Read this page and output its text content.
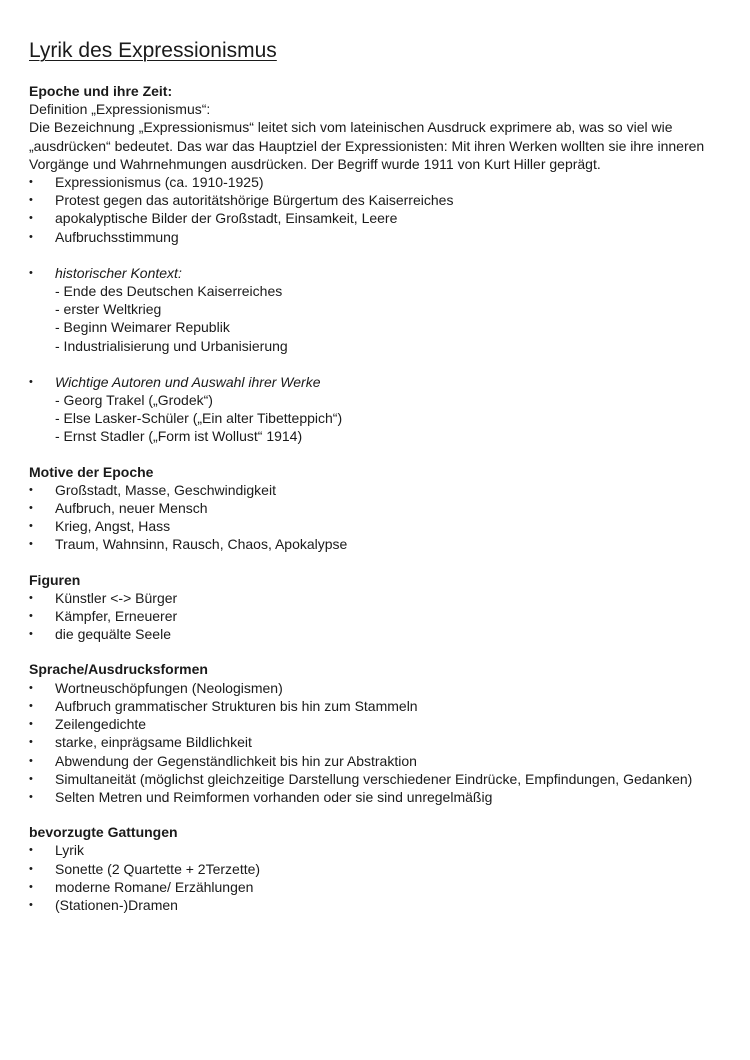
Lyrik des Expressionismus
Epoche und ihre Zeit:
Definition „Expressionismus“:
Die Bezeichnung „Expressionismus“ leitet sich vom lateinischen Ausdruck exprimere ab, was so viel wie „ausdrücken“ bedeutet. Das war das Hauptziel der Expressionisten: Mit ihren Werken wollten sie ihre inneren Vorgänge und Wahrnehmungen ausdrücken. Der Begriff wurde 1911 von Kurt Hiller geprägt.
• Expressionismus (ca. 1910-1925)
• Protest gegen das autoritätshörige Bürgertum des Kaiserreiches
• apokalyptische Bilder der Großstadt, Einsamkeit, Leere
• Aufbruchsstimmung
• historischer Kontext:
- Ende des Deutschen Kaiserreiches
- erster Weltkrieg
- Beginn Weimarer Republik
- Industrialisierung und Urbanisierung
• Wichtige Autoren und Auswahl ihrer Werke
- Georg Trakel („Grodek“)
- Else Lasker-Schüler („Ein alter Tibetteppich“)
- Ernst Stadler („Form ist Wollust“ 1914)
Motive der Epoche
• Großstadt, Masse, Geschwindigkeit
• Aufbruch, neuer Mensch
• Krieg, Angst, Hass
• Traum, Wahnsinn, Rausch, Chaos, Apokalypse
Figuren
• Künstler <-> Bürger
• Kämpfer, Erneuerer
• die gequälte Seele
Sprache/Ausdrucksformen
• Wortneuschöpfungen (Neologismen)
• Aufbruch grammatischer Strukturen bis hin zum Stammeln
• Zeilengedichte
• starke, einprägsame Bildlichkeit
• Abwendung der Gegenständlichkeit bis hin zur Abstraktion
• Simultaneität (möglichst gleichzeitige Darstellung verschiedener Eindrücke, Empfindungen, Gedanken)
• Selten Metren und Reimformen vorhanden oder sie sind unregelmäßig
bevorzugte Gattungen
• Lyrik
• Sonette (2 Quartette + 2Terzette)
• moderne Romane/ Erzählungen
• (Stationen-)Dramen
